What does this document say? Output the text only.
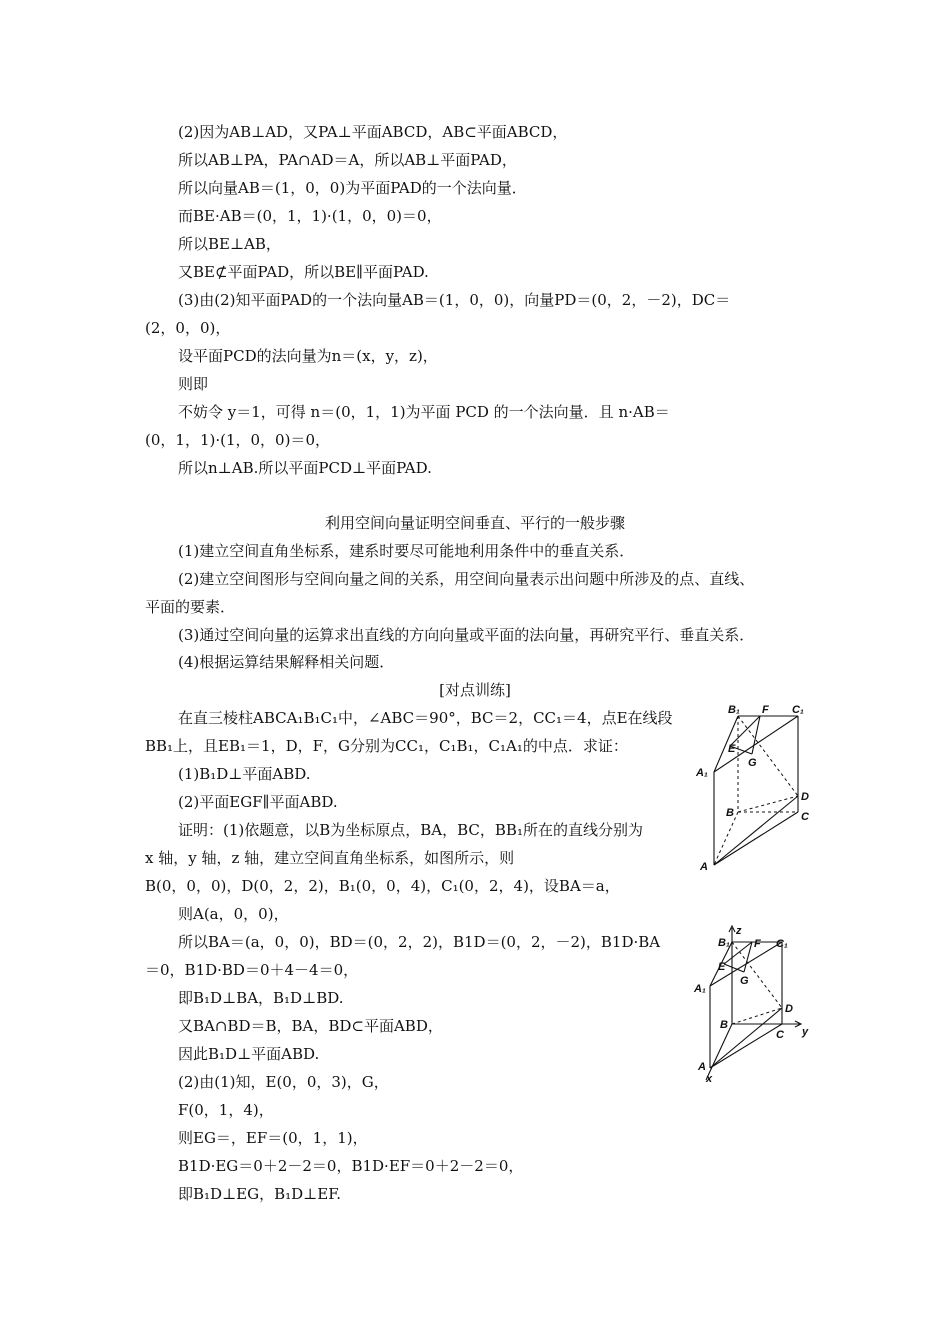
(2)因为AB⊥AD，又PA⊥平面ABCD，AB⊂平面ABCD，
所以AB⊥PA，PA∩AD＝A，所以AB⊥平面PAD，
所以向量AB＝(1，0，0)为平面PAD的一个法向量．
而BE·AB＝(0，1，1)·(1，0，0)＝0，
所以BE⊥AB，
又BE⊄平面PAD，所以BE∥平面PAD.
(3)由(2)知平面PAD的一个法向量AB＝(1，0，0)，向量PD＝(0，2，－2)，DC＝
(2，0，0)，
设平面PCD的法向量为n＝(x，y，z)，
则即
不妨令 y＝1，可得 n＝(0，1，1)为平面 PCD 的一个法向量．且 n·AB＝
(0，1，1)·(1，0，0)＝0，
所以n⊥AB.所以平面PCD⊥平面PAD.
利用空间向量证明空间垂直、平行的一般步骤
(1)建立空间直角坐标系，建系时要尽可能地利用条件中的垂直关系．
(2)建立空间图形与空间向量之间的关系，用空间向量表示出问题中所涉及的点、直线、
平面的要素．
(3)通过空间向量的运算求出直线的方向向量或平面的法向量，再研究平行、垂直关系．
(4)根据运算结果解释相关问题．
[对点训练]
在直三棱柱ABCA₁B₁C₁中，∠ABC＝90°，BC＝2，CC₁＝4，点E在线段
BB₁上，且EB₁＝1，D，F，G分别为CC₁，C₁B₁，C₁A₁的中点．求证：
(1)B₁D⊥平面ABD.
(2)平面EGF∥平面ABD.
证明：(1)依题意，以B为坐标原点，BA，BC，BB₁所在的直线分别为
x 轴，y 轴，z 轴，建立空间直角坐标系，如图所示，则
B(0，0，0)，D(0，2，2)，B₁(0，0，4)，C₁(0，2，4)，设BA＝a，
则A(a，0，0)，
所以BA＝(a，0，0)，BD＝(0，2，2)，B1D＝(0，2，－2)，B1D·BA
＝0，B1D·BD＝0＋4－4＝0，
即B₁D⊥BA，B₁D⊥BD.
又BA∩BD＝B，BA，BD⊂平面ABD，
因此B₁D⊥平面ABD.
(2)由(1)知，E(0，0，3)，G，
F(0，1，4)，
则EG＝，EF＝(0，1，1)，
B1D·EG＝0＋2－2＝0，B1D·EF＝0＋2－2＝0，
即B₁D⊥EG，B₁D⊥EF.
B₁ F C₁
E
G
A₁
D
B	C
A
z
B₁ F C₁
E
G
A₁
D
B
C y
A
x
